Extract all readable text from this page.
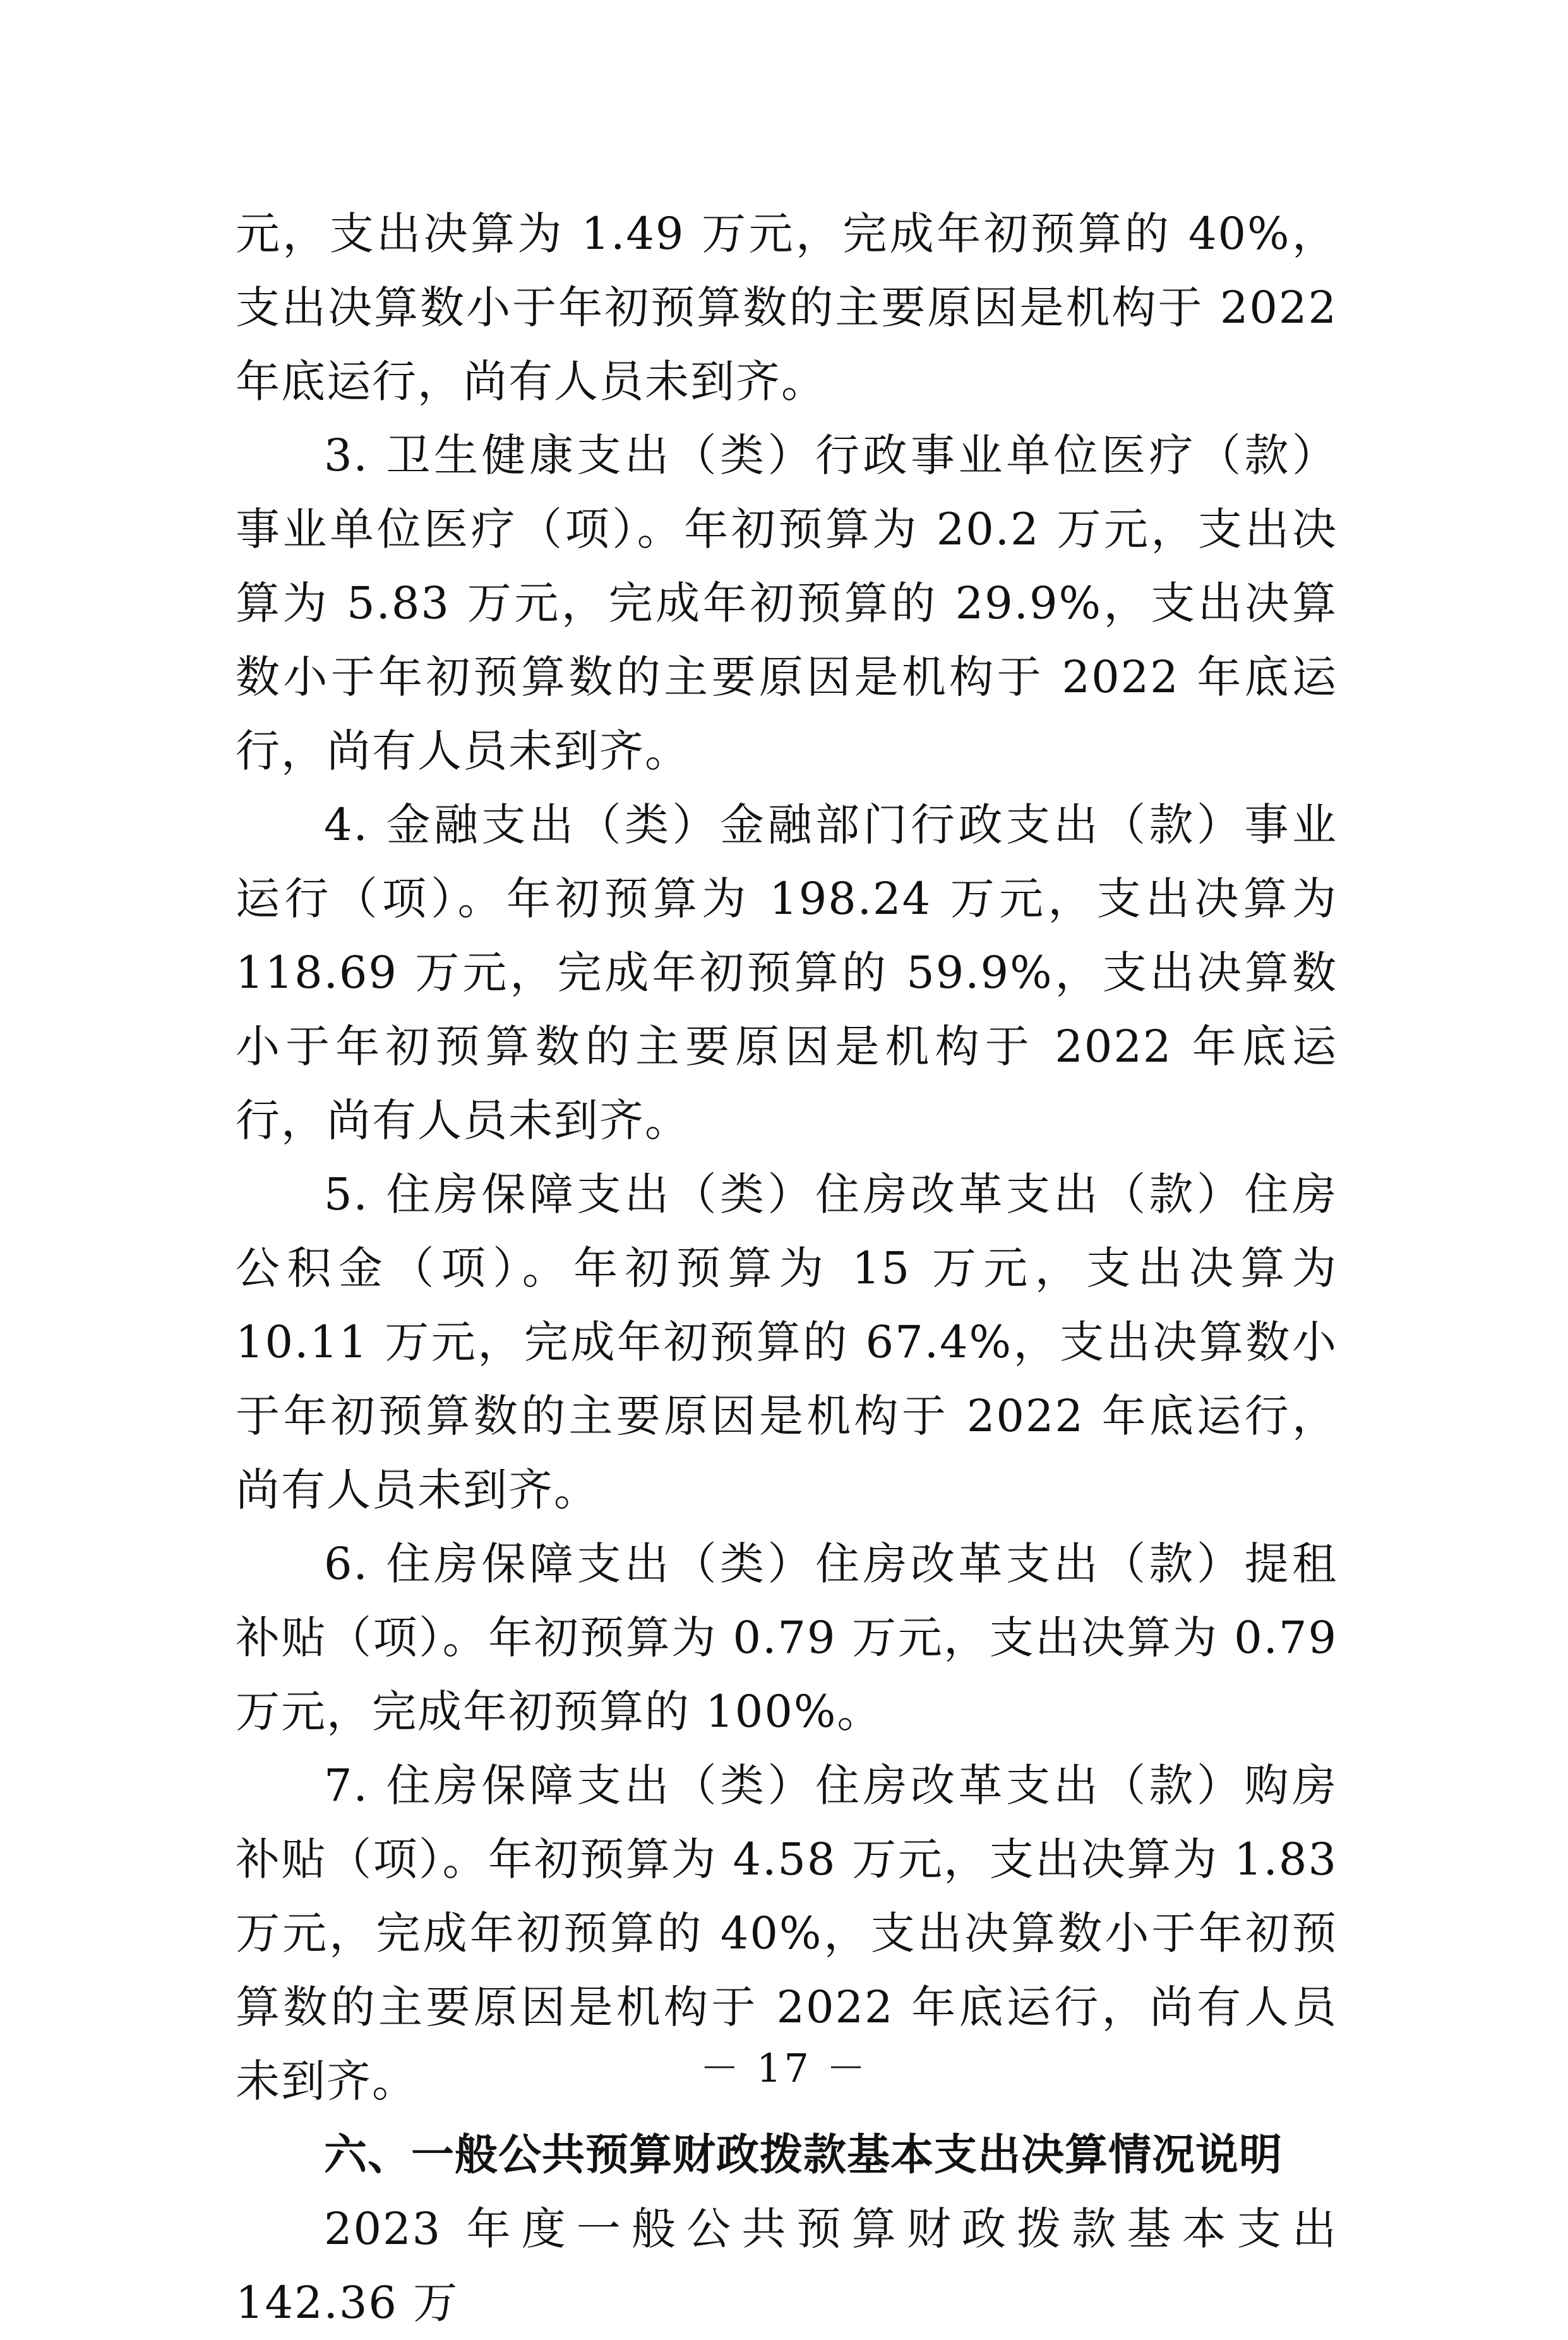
元，支出决算为 1.49 万元，完成年初预算的 40%，支出决算数小于年初预算数的主要原因是机构于 2022 年底运行，尚有人员未到齐。

3. 卫生健康支出（类）行政事业单位医疗（款）事业单位医疗（项）。年初预算为 20.2 万元，支出决算为 5.83 万元，完成年初预算的 29.9%，支出决算数小于年初预算数的主要原因是机构于 2022 年底运行，尚有人员未到齐。

4. 金融支出（类）金融部门行政支出（款）事业运行（项）。年初预算为 198.24 万元，支出决算为 118.69 万元，完成年初预算的 59.9%，支出决算数小于年初预算数的主要原因是机构于 2022 年底运行，尚有人员未到齐。

5. 住房保障支出（类）住房改革支出（款）住房公积金（项）。年初预算为 15 万元，支出决算为 10.11 万元，完成年初预算的 67.4%，支出决算数小于年初预算数的主要原因是机构于 2022 年底运行，尚有人员未到齐。

6. 住房保障支出（类）住房改革支出（款）提租补贴（项）。年初预算为 0.79 万元，支出决算为 0.79 万元，完成年初预算的 100%。

7. 住房保障支出（类）住房改革支出（款）购房补贴（项）。年初预算为 4.58 万元，支出决算为 1.83 万元，完成年初预算的 40%，支出决算数小于年初预算数的主要原因是机构于 2022 年底运行，尚有人员未到齐。

六、一般公共预算财政拨款基本支出决算情况说明

2023 年度一般公共预算财政拨款基本支出 142.36 万

－ 17 －
